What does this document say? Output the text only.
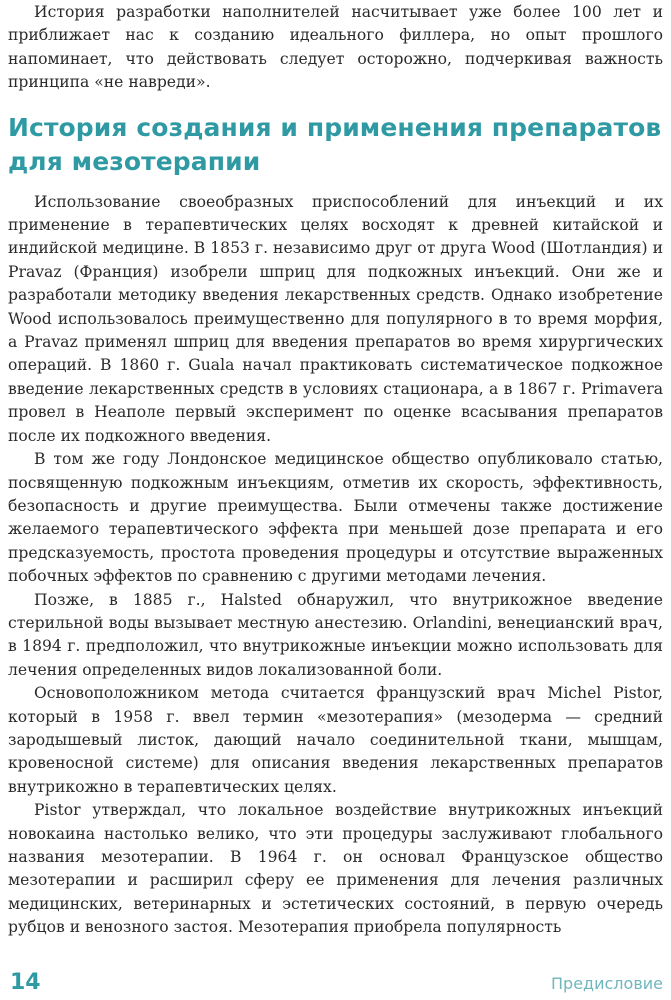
История разработки наполнителей насчитывает уже более 100 лет и приближает нас к созданию идеального филлера, но опыт прошлого напоминает, что действовать следует осторожно, подчеркивая важность принципа «не навреди».

История создания и применения препаратов для мезотерапии

Использование своеобразных приспособлений для инъекций и их применение в терапевтических целях восходят к древней китайской и индийской медицине. В 1853 г. независимо друг от друга Wood (Шотландия) и Pravaz (Франция) изобрели шприц для подкожных инъекций. Они же и разработали методику введения лекарственных средств. Однако изобретение Wood использовалось преимущественно для популярного в то время морфия, а Pravaz применял шприц для введения препаратов во время хирургических операций. В 1860 г. Guala начал практиковать систематическое подкожное введение лекарственных средств в условиях стационара, а в 1867 г. Primavera провел в Неаполе первый эксперимент по оценке всасывания препаратов после их подкожного введения.

В том же году Лондонское медицинское общество опубликовало статью, посвященную подкожным инъекциям, отметив их скорость, эффективность, безопасность и другие преимущества. Были отмечены также достижение желаемого терапевтического эффекта при меньшей дозе препарата и его предсказуемость, простота проведения процедуры и отсутствие выраженных побочных эффектов по сравнению с другими методами лечения.

Позже, в 1885 г., Halsted обнаружил, что внутрикожное введение стерильной воды вызывает местную анестезию. Orlandini, венецианский врач, в 1894 г. предположил, что внутрикожные инъекции можно использовать для лечения определенных видов локализованной боли.

Основоположником метода считается французский врач Michel Pistor, который в 1958 г. ввел термин «мезотерапия» (мезодерма — средний зародышевый листок, дающий начало соединительной ткани, мышцам, кровеносной системе) для описания введения лекарственных препаратов внутрикожно в терапевтических целях.

Pistor утверждал, что локальное воздействие внутрикожных инъекций новокаина настолько велико, что эти процедуры заслуживают глобального названия мезотерапии. В 1964 г. он основал Французское общество мезотерапии и расширил сферу ее применения для лечения различных медицинских, ветеринарных и эстетических состояний, в первую очередь рубцов и венозного застоя. Мезотерапия приобрела популярность

14	Предисловие
